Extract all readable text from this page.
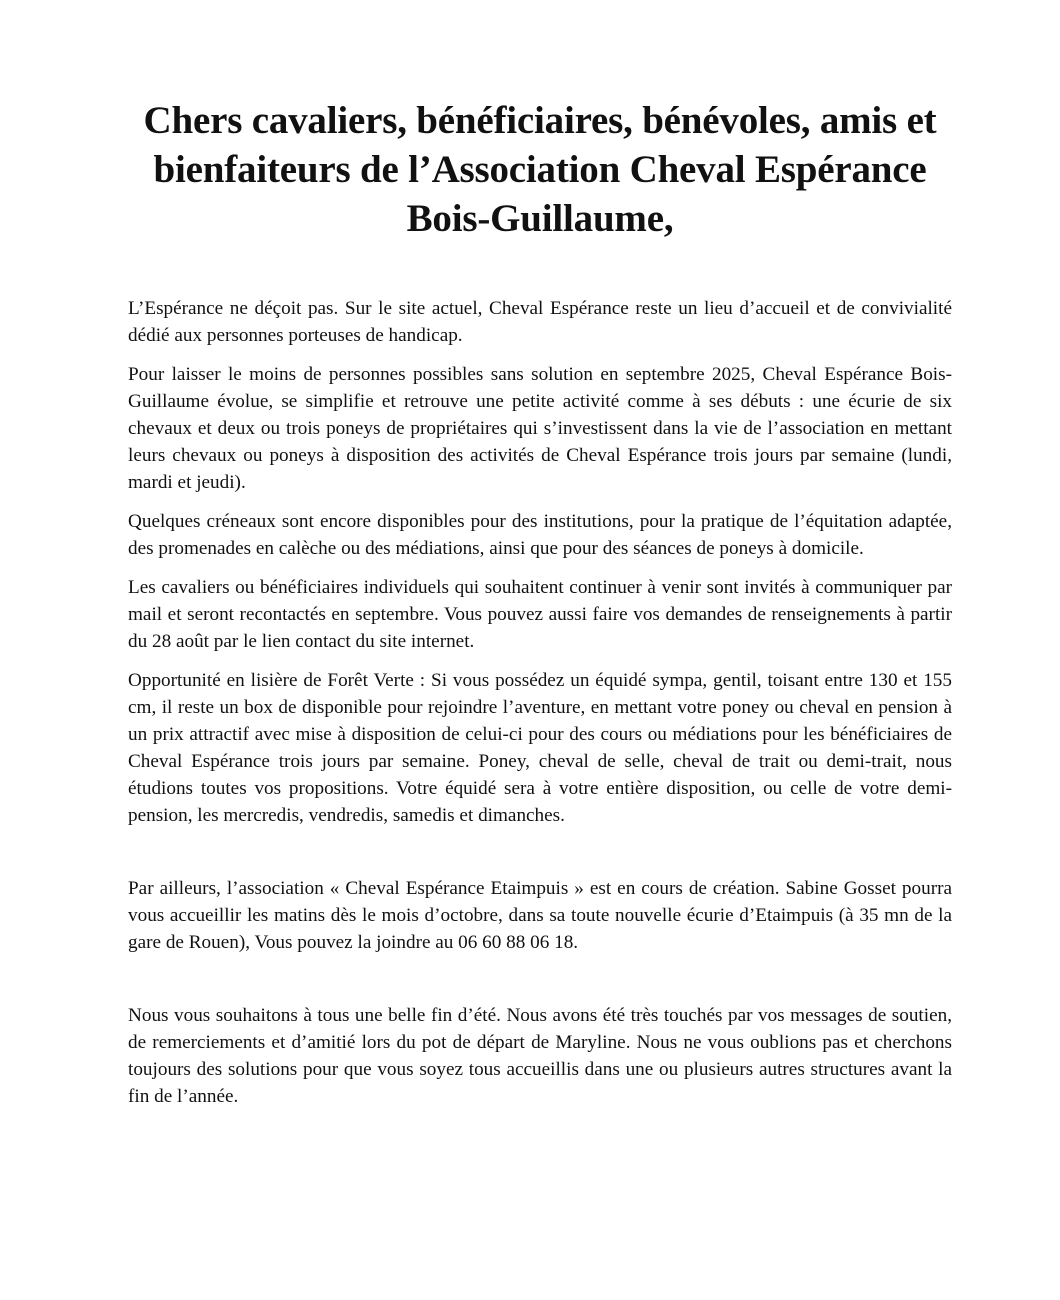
Chers cavaliers, bénéficiaires, bénévoles, amis et bienfaiteurs de l’Association Cheval Espérance Bois-Guillaume,

L’Espérance ne déçoit pas. Sur le site actuel, Cheval Espérance reste un lieu d’accueil et de convivialité dédié aux personnes porteuses de handicap.

Pour laisser le moins de personnes possibles sans solution en septembre 2025, Cheval Espérance Bois-Guillaume évolue, se simplifie et retrouve une petite activité comme à ses débuts : une écurie de six chevaux et deux ou trois poneys de propriétaires qui s’investissent dans la vie de l’association en mettant leurs chevaux ou poneys à disposition des activités de Cheval Espérance trois jours par semaine (lundi, mardi et jeudi).

Quelques créneaux sont encore disponibles pour des institutions, pour la pratique de l’équitation adaptée, des promenades en calèche ou des médiations, ainsi que pour des séances de poneys à domicile.

Les cavaliers ou bénéficiaires individuels qui souhaitent continuer à venir sont invités à communiquer par mail et seront recontactés en septembre. Vous pouvez aussi faire vos demandes de renseignements à partir du 28 août par le lien contact du site internet.

Opportunité en lisière de Forêt Verte : Si vous possédez un équidé sympa, gentil, toisant entre 130 et 155 cm, il reste un box de disponible pour rejoindre l’aventure, en mettant votre poney ou cheval en pension à un prix attractif avec mise à disposition de celui-ci pour des cours ou médiations pour les bénéficiaires de Cheval Espérance trois jours par semaine. Poney, cheval de selle, cheval de trait ou demi-trait, nous étudions toutes vos propositions. Votre équidé sera à votre entière disposition, ou celle de votre demi-pension, les mercredis, vendredis, samedis et dimanches.

Par ailleurs, l’association « Cheval Espérance Etaimpuis » est en cours de création. Sabine Gosset pourra vous accueillir les matins dès le mois d’octobre, dans sa toute nouvelle écurie d’Etaimpuis (à 35 mn de la gare de Rouen), Vous pouvez la joindre au 06 60 88 06 18.

Nous vous souhaitons à tous une belle fin d’été. Nous avons été très touchés par vos messages de soutien, de remerciements et d’amitié lors du pot de départ de Maryline. Nous ne vous oublions pas et cherchons toujours des solutions pour que vous soyez tous accueillis dans une ou plusieurs autres structures avant la fin de l’année.
